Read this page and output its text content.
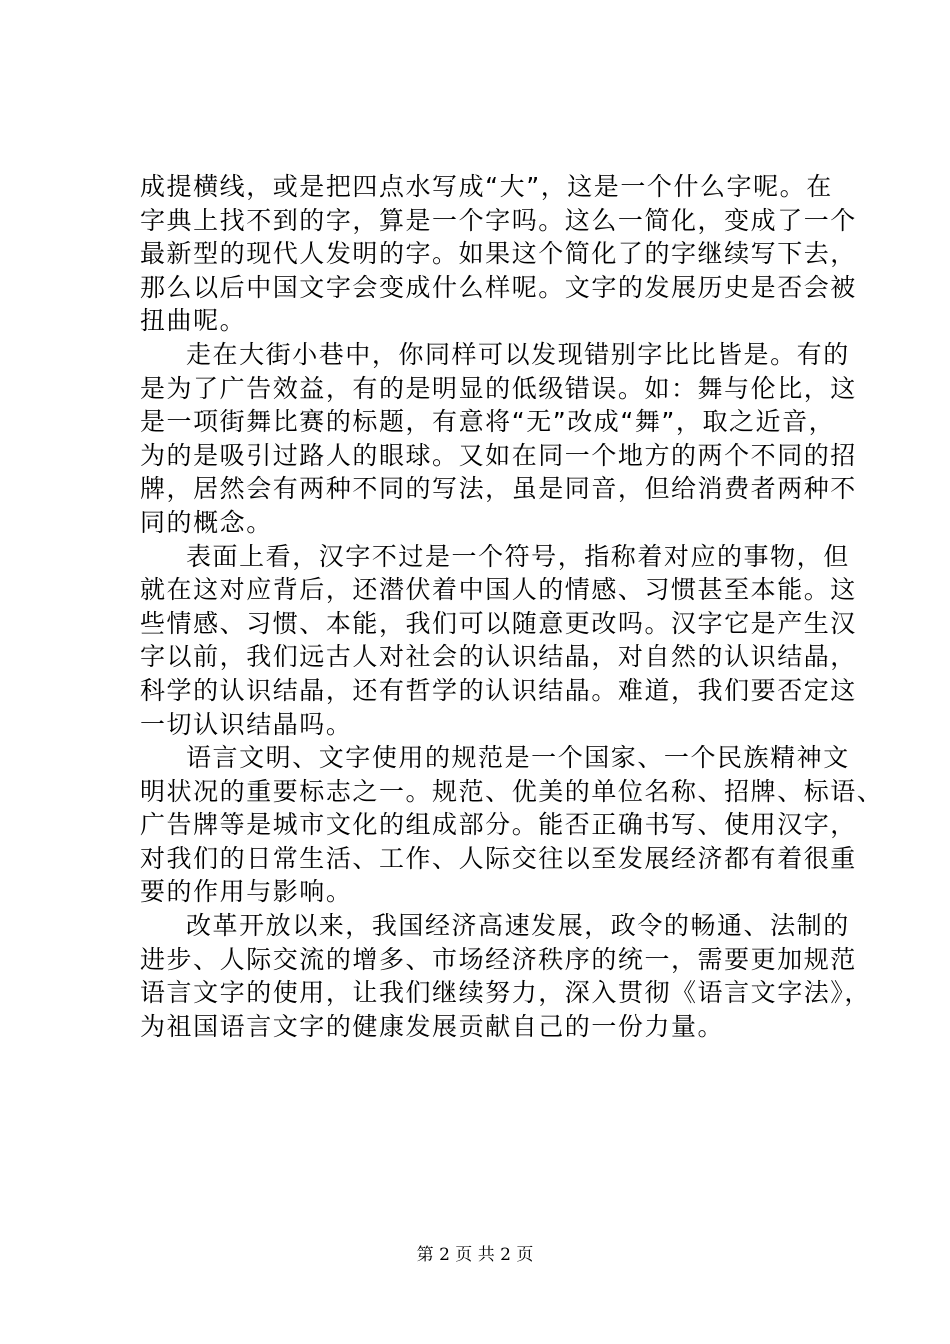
成提横线，或是把四点水写成“大”，这是一个什么字呢。在
字典上找不到的字，算是一个字吗。这么一简化，变成了一个
最新型的现代人发明的字。如果这个简化了的字继续写下去，
那么以后中国文字会变成什么样呢。文字的发展历史是否会被
扭曲呢。
走在大街小巷中，你同样可以发现错别字比比皆是。有的
是为了广告效益，有的是明显的低级错误。如：舞与伦比，这
是一项街舞比赛的标题，有意将“无”改成“舞”，取之近音，
为的是吸引过路人的眼球。又如在同一个地方的两个不同的招
牌，居然会有两种不同的写法，虽是同音，但给消费者两种不
同的概念。
表面上看，汉字不过是一个符号，指称着对应的事物，但
就在这对应背后，还潜伏着中国人的情感、习惯甚至本能。这
些情感、习惯、本能，我们可以随意更改吗。汉字它是产生汉
字以前，我们远古人对社会的认识结晶，对自然的认识结晶，
科学的认识结晶，还有哲学的认识结晶。难道，我们要否定这
一切认识结晶吗。
语言文明、文字使用的规范是一个国家、一个民族精神文
明状况的重要标志之一。规范、优美的单位名称、招牌、标语、
广告牌等是城市文化的组成部分。能否正确书写、使用汉字，
对我们的日常生活、工作、人际交往以至发展经济都有着很重
要的作用与影响。
改革开放以来，我国经济高速发展，政令的畅通、法制的
进步、人际交流的增多、市场经济秩序的统一，需要更加规范
语言文字的使用，让我们继续努力，深入贯彻《语言文字法》，
为祖国语言文字的健康发展贡献自己的一份力量。
第 2 页 共 2 页
